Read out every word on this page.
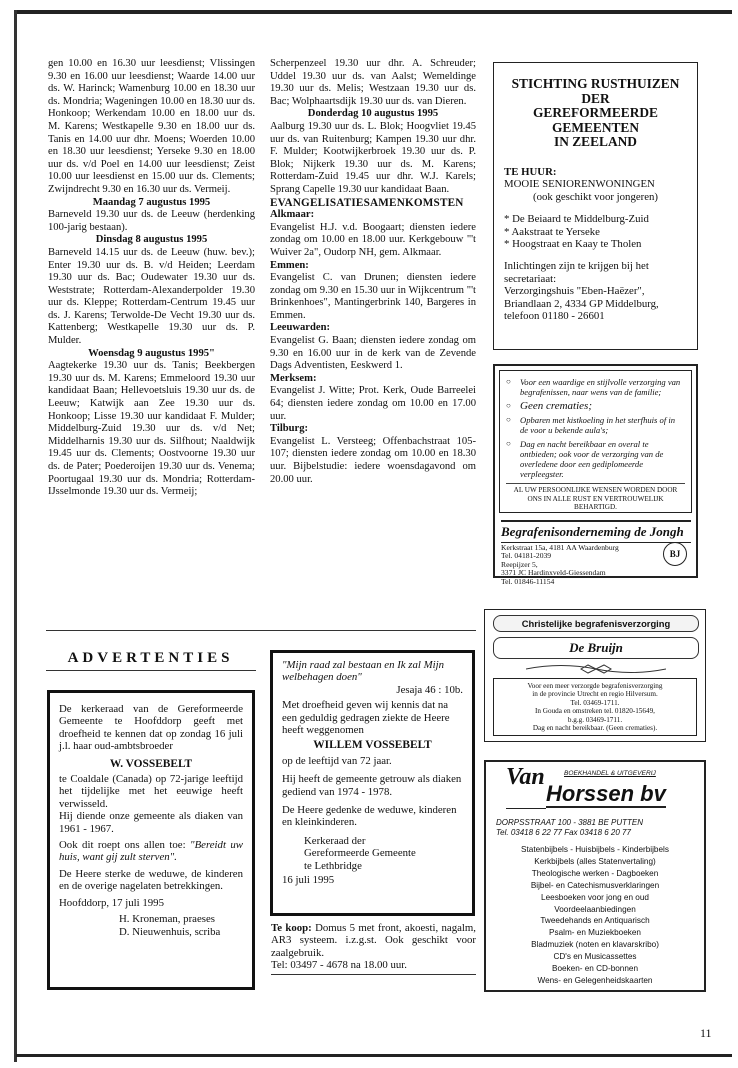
gen 10.00 en 16.30 uur leesdienst; Vlissingen 9.30 en 16.00 uur leesdienst; Waarde 14.00 uur ds. W. Harinck; Wamenburg 10.00 en 18.30 uur ds. Mondria; Wageningen 10.00 en 18.30 uur ds. Honkoop; Werkendam 10.00 en 18.00 uur ds. M. Karens; Westkapelle 9.30 en 18.00 uur ds. Tanis en 14.00 uur dhr. Moens; Woerden 10.00 en 18.30 uur leesdienst; Yerseke 9.30 en 18.00 uur ds. v/d Poel en 14.00 uur leesdienst; Zeist 10.00 uur leesdienst en 15.00 uur ds. Clements; Zwijndrecht 9.30 en 16.30 uur ds. Vermeij.

Maandag 7 augustus 1995

Barneveld 19.30 uur ds. de Leeuw (herdenking 100-jarig bestaan).

Dinsdag 8 augustus 1995

Barneveld 14.15 uur ds. de Leeuw (huw. bev.); Enter 19.30 uur ds. B. v/d Heiden; Leerdam 19.30 uur ds. Bac; Oudewater 19.30 uur ds. Weststrate; Rotterdam-Alexanderpolder 19.30 uur ds. Kleppe; Rotterdam-Centrum 19.45 uur ds. J. Karens; Terwolde-De Vecht 19.30 uur ds. Kattenberg; Westkapelle 19.30 uur ds. P. Mulder.

Woensdag 9 augustus 1995"

Aagtekerke 19.30 uur ds. Tanis; Beekbergen 19.30 uur ds. M. Karens; Emmeloord 19.30 uur kandidaat Baan; Hellevoetsluis 19.30 uur ds. de Leeuw; Katwijk aan Zee 19.30 uur ds. Honkoop; Lisse 19.30 uur kandidaat F. Mulder; Middelburg-Zuid 19.30 uur ds. v/d Net; Middelharnis 19.30 uur ds. Silfhout; Naaldwijk 19.45 uur ds. Clements; Oostvoorne 19.30 uur ds. de Pater; Poederoijen 19.30 uur ds. Venema; Poortugaal 19.30 uur ds. Mondria; Rotterdam-IJsselmonde 19.30 uur ds. Vermeij;

Scherpenzeel 19.30 uur dhr. A. Schreuder; Uddel 19.30 uur ds. van Aalst; Wemeldinge 19.30 uur ds. Melis; Westzaan 19.30 uur ds. Bac; Wolphaartsdijk 19.30 uur ds. van Dieren.

Donderdag 10 augustus 1995

Aalburg 19.30 uur ds. L. Blok; Hoogvliet 19.45 uur ds. van Ruitenburg; Kampen 19.30 uur dhr. F. Mulder; Kootwijkerbroek 19.30 uur ds. P. Blok; Nijkerk 19.30 uur ds. M. Karens; Rotterdam-Zuid 19.45 uur dhr. W.J. Karels; Sprang Capelle 19.30 uur kandidaat Baan.

EVANGELISATIESAMENKOMSTEN

Alkmaar:

Evangelist H.J. v.d. Boogaart; diensten iedere zondag om 10.00 en 18.00 uur. Kerkgebouw "'t Wuiver 2a", Oudorp NH, gem. Alkmaar.

Emmen:

Evangelist C. van Drunen; diensten iedere zondag om 9.30 en 15.30 uur in Wijkcentrum "'t Brinkenhoes", Mantingerbrink 140, Bargeres in Emmen.

Leeuwarden:

Evangelist G. Baan; diensten iedere zondag om 9.30 en 16.00 uur in de kerk van de Zevende Dags Adventisten, Eeskwerd 1.

Merksem:

Evangelist J. Witte; Prot. Kerk, Oude Barreelei 64; diensten iedere zondag om 10.00 en 17.00 uur.

Tilburg:

Evangelist L. Versteeg; Offenbachstraat 105-107; diensten iedere zondag om 10.00 en 18.30 uur. Bijbelstudie: iedere woensdagavond om 20.00 uur.

STICHTING RUSTHUIZEN
DER
GEREFORMEERDE
GEMEENTEN
IN ZEELAND
TE HUUR:
MOOIE SENIORENWONINGEN
(ook geschikt voor jongeren)
* De Beiaard te Middelburg-Zuid
* Aakstraat te Yerseke
* Hoogstraat en Kaay te Tholen
Inlichtingen zijn te krijgen bij het
secretariaat:
Verzorgingshuis "Eben-Haëzer",
Briandlaan 2, 4334 GP Middelburg,
telefoon 01180 - 26601
○ Voor een waardige en stijlvolle verzorging van begrafenissen, naar wens van de familie;
○ Geen crematies;
○ Opbaren met kistkoeling in het sterfhuis of in de voor u bekende aula's;
○ Dag en nacht bereikbaar en overal te ontbieden; ook voor de verzorging van de overledene door een gediplomeerde verpleegster.
AL UW PERSOONLIJKE WENSEN WORDEN DOOR ONS IN ALLE RUST EN VERTROUWELIJK BEHARTIGD.
Begrafenisonderneming de Jongh
Kerkstraat 15a, 4181 AA Waardenburg
Tel. 04181-2039
Reepijzer 5,
3371 JC Hardinxveld-Giessendam
Tel. 01846-11154
BJ
Christelijke begrafenisverzorging
De Bruijn
Voor een meer verzorgde begrafenisverzorging
in de provincie Utrecht en regio Hilversum.
Tel. 03469-1711.
In Gouda en omstreken tel. 01820-15649,
b.g.g. 03469-1711.
Dag en nacht bereikbaar. (Geen crematies).
Van	BOEKHANDEL & UITGEVERIJ
Horssen bv
DORPSSTRAAT 100 - 3881 BE PUTTEN
Tel. 03418 6 22 77 Fax 03418 6 20 77
Statenbijbels - Huisbijbels - Kinderbijbels
Kerkbijbels (alles Statenvertaling)
Theologische werken - Dagboeken
Bijbel- en Catechismusverklaringen
Leesboeken voor jong en oud
Voordeelaanbiedingen
Tweedehands en Antiquarisch
Psalm- en Muziekboeken
Bladmuziek (noten en klavarskribo)
CD's en Musicassettes
Boeken- en CD-bonnen
Wens- en Gelegenheidskaarten
ADVERTENTIES

De kerkeraad van de Gereformeerde Gemeente te Hoofddorp geeft met droefheid te kennen dat op zondag 16 juli j.l. haar oud-ambtsbroeder

W. VOSSEBELT

te Coaldale (Canada) op 72-jarige leeftijd het tijdelijke met het eeuwige heeft verwisseld.

Hij diende onze gemeente als diaken van 1961 - 1967.

Ook dit roept ons allen toe: "Bereidt uw huis, want gij zult sterven".

De Heere sterke de weduwe, de kinderen en de overige nagelaten betrekkingen.

Hoofddorp, 17 juli 1995

H. Kroneman, praeses

D. Nieuwenhuis, scriba

"Mijn raad zal bestaan en Ik zal Mijn welbehagen doen"

Jesaja 46 : 10b.

Met droefheid geven wij kennis dat na een geduldig gedragen ziekte de Heere heeft weggenomen

WILLEM VOSSEBELT

op de leeftijd van 72 jaar.

Hij heeft de gemeente getrouw als diaken gediend van 1974 - 1978.

De Heere gedenke de weduwe, kinderen en kleinkinderen.

Kerkeraad der
Gereformeerde Gemeente
te Lethbridge

16 juli 1995

Te koop: Domus 5 met front, akoesti, nagalm, AR3 systeem. i.z.g.st. Ook geschikt voor zaalgebruik.
Tel: 03497 - 4678 na 18.00 uur.
11
